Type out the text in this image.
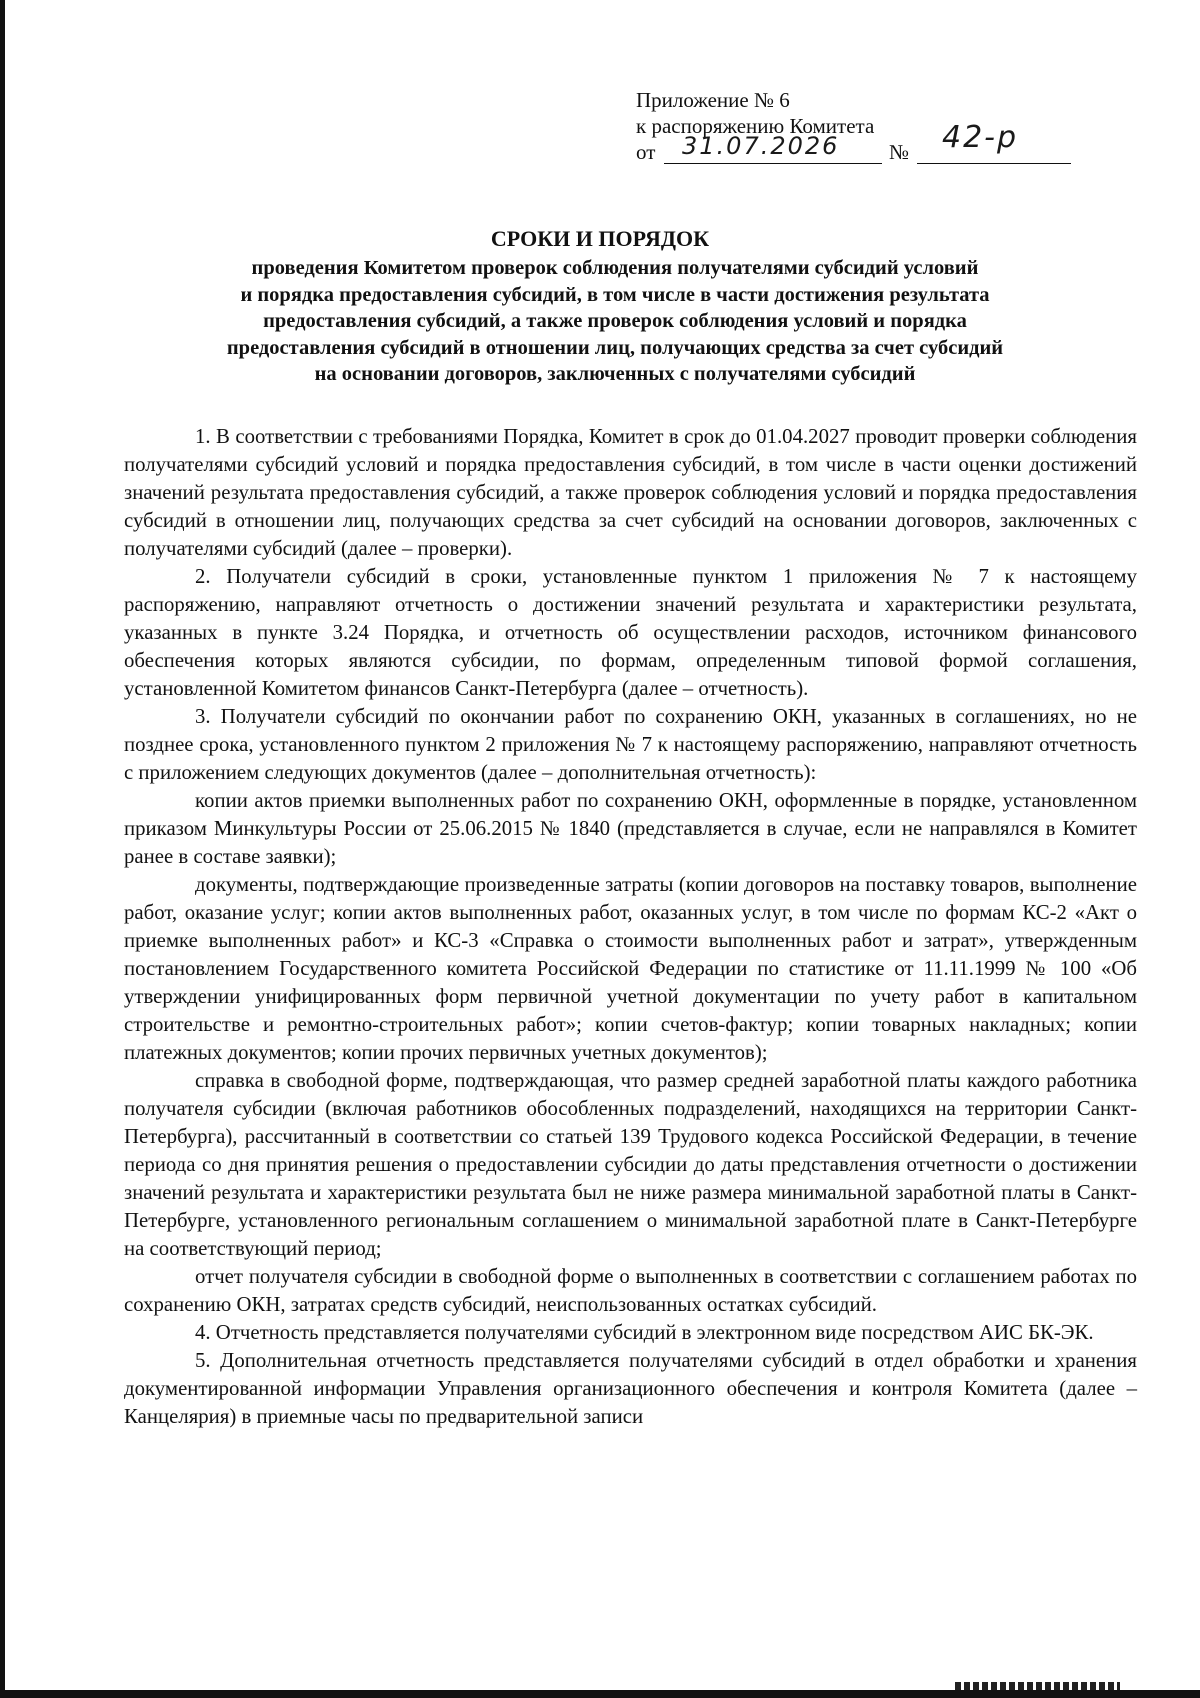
Приложение № 6
к распоряжению Комитета
от 31.07.2026 № 42-р
СРОКИ И ПОРЯДОК
проведения Комитетом проверок соблюдения получателями субсидий условий
и порядка предоставления субсидий, в том числе в части достижения результата
предоставления субсидий, а также проверок соблюдения условий и порядка
предоставления субсидий в отношении лиц, получающих средства за счет субсидий
на основании договоров, заключенных с получателями субсидий

1. В соответствии с требованиями Порядка, Комитет в срок до 01.04.2027 проводит проверки соблюдения получателями субсидий условий и порядка предоставления субсидий, в том числе в части оценки достижений значений результата предоставления субсидий, а также проверок соблюдения условий и порядка предоставления субсидий в отношении лиц, получающих средства за счет субсидий на основании договоров, заключенных с получателями субсидий (далее – проверки).

2. Получатели субсидий в сроки, установленные пунктом 1 приложения № 7 к настоящему распоряжению, направляют отчетность о достижении значений результата и характеристики результата, указанных в пункте 3.24 Порядка, и отчетность об осуществлении расходов, источником финансового обеспечения которых являются субсидии, по формам, определенным типовой формой соглашения, установленной Комитетом финансов Санкт-Петербурга (далее – отчетность).

3. Получатели субсидий по окончании работ по сохранению ОКН, указанных в соглашениях, но не позднее срока, установленного пунктом 2 приложения № 7 к настоящему распоряжению, направляют отчетность с приложением следующих документов (далее – дополнительная отчетность):

копии актов приемки выполненных работ по сохранению ОКН, оформленные в порядке, установленном приказом Минкультуры России от 25.06.2015 № 1840 (представляется в случае, если не направлялся в Комитет ранее в составе заявки);

документы, подтверждающие произведенные затраты (копии договоров на поставку товаров, выполнение работ, оказание услуг; копии актов выполненных работ, оказанных услуг, в том числе по формам КС-2 «Акт о приемке выполненных работ» и КС-3 «Справка о стоимости выполненных работ и затрат», утвержденным постановлением Государственного комитета Российской Федерации по статистике от 11.11.1999 № 100 «Об утверждении унифицированных форм первичной учетной документации по учету работ в капитальном строительстве и ремонтно-строительных работ»; копии счетов-фактур; копии товарных накладных; копии платежных документов; копии прочих первичных учетных документов);

справка в свободной форме, подтверждающая, что размер средней заработной платы каждого работника получателя субсидии (включая работников обособленных подразделений, находящихся на территории Санкт-Петербурга), рассчитанный в соответствии со статьей 139 Трудового кодекса Российской Федерации, в течение периода со дня принятия решения о предоставлении субсидии до даты представления отчетности о достижении значений результата и характеристики результата был не ниже размера минимальной заработной платы в Санкт-Петербурге, установленного региональным соглашением о минимальной заработной плате в Санкт-Петербурге на соответствующий период;

отчет получателя субсидии в свободной форме о выполненных в соответствии с соглашением работах по сохранению ОКН, затратах средств субсидий, неиспользованных остатках субсидий.

4. Отчетность представляется получателями субсидий в электронном виде посредством АИС БК-ЭК.

5. Дополнительная отчетность представляется получателями субсидий в отдел обработки и хранения документированной информации Управления организационного обеспечения и контроля Комитета (далее – Канцелярия) в приемные часы по предварительной записи
